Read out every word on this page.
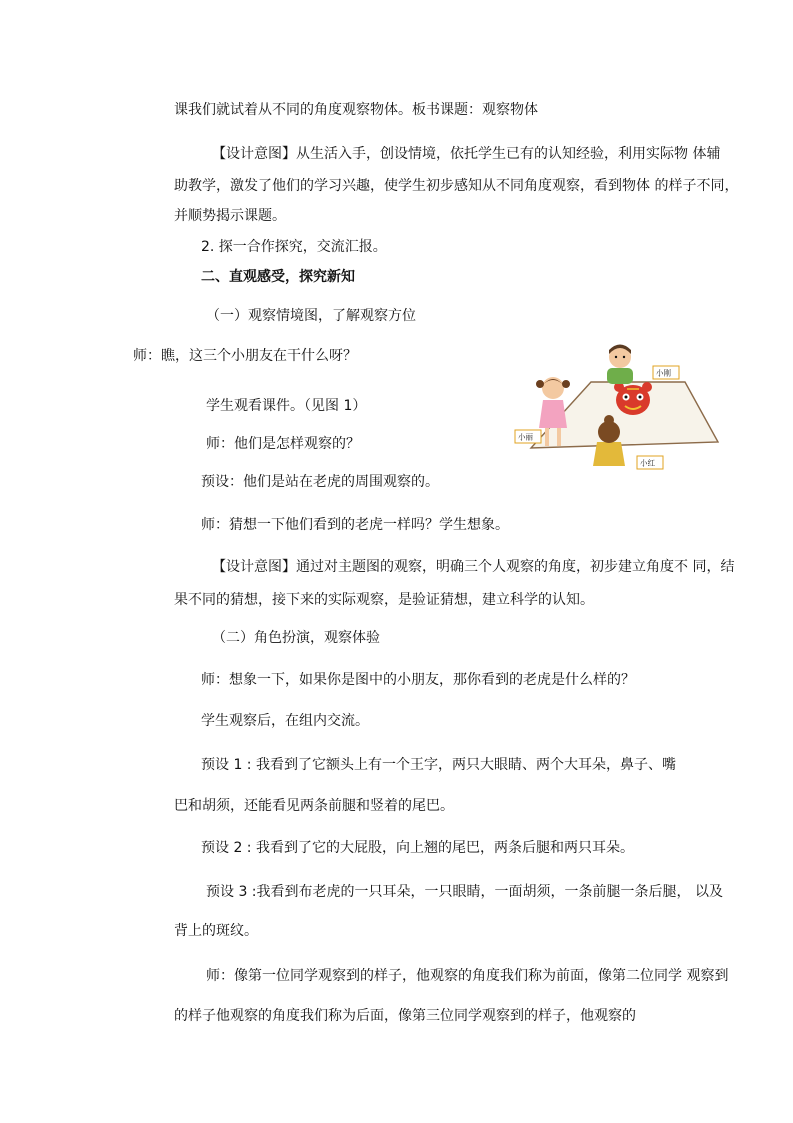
课我们就试着从不同的角度观察物体。板书课题：观察物体

【设计意图】从生活入手，创设情境，依托学生已有的认知经验，利用实际物 体辅

助教学，激发了他们的学习兴趣，使学生初步感知从不同角度观察，看到物体 的样子不同，

并顺势揭示课题。

2. 探一合作探究，交流汇报。

二、直观感受，探究新知

（一）观察情境图，了解观察方位

师：瞧，这三个小朋友在干什么呀？

学生观看课件。（见图 1）

师：他们是怎样观察的？

预设：他们是站在老虎的周围观察的。

师：猜想一下他们看到的老虎一样吗？学生想象。

【设计意图】通过对主题图的观察，明确三个人观察的角度，初步建立角度不 同，结

果不同的猜想，接下来的实际观察，是验证猜想，建立科学的认知。

（二）角色扮演，观察体验

师：想象一下，如果你是图中的小朋友，那你看到的老虎是什么样的？

学生观察后，在组内交流。

预设 1 : 我看到了它额头上有一个王字，两只大眼睛、两个大耳朵，鼻子、嘴

巴和胡须，还能看见两条前腿和竖着的尾巴。

预设 2 : 我看到了它的大屁股，向上翘的尾巴，两条后腿和两只耳朵。

预设 3 :我看到布老虎的一只耳朵，一只眼睛，一面胡须，一条前腿一条后腿， 以及

背上的斑纹。

师：像第一位同学观察到的样子，他观察的角度我们称为前面，像第二位同学 观察到

的样子他观察的角度我们称为后面，像第三位同学观察到的样子，他观察的

小刚
小丽
小红
